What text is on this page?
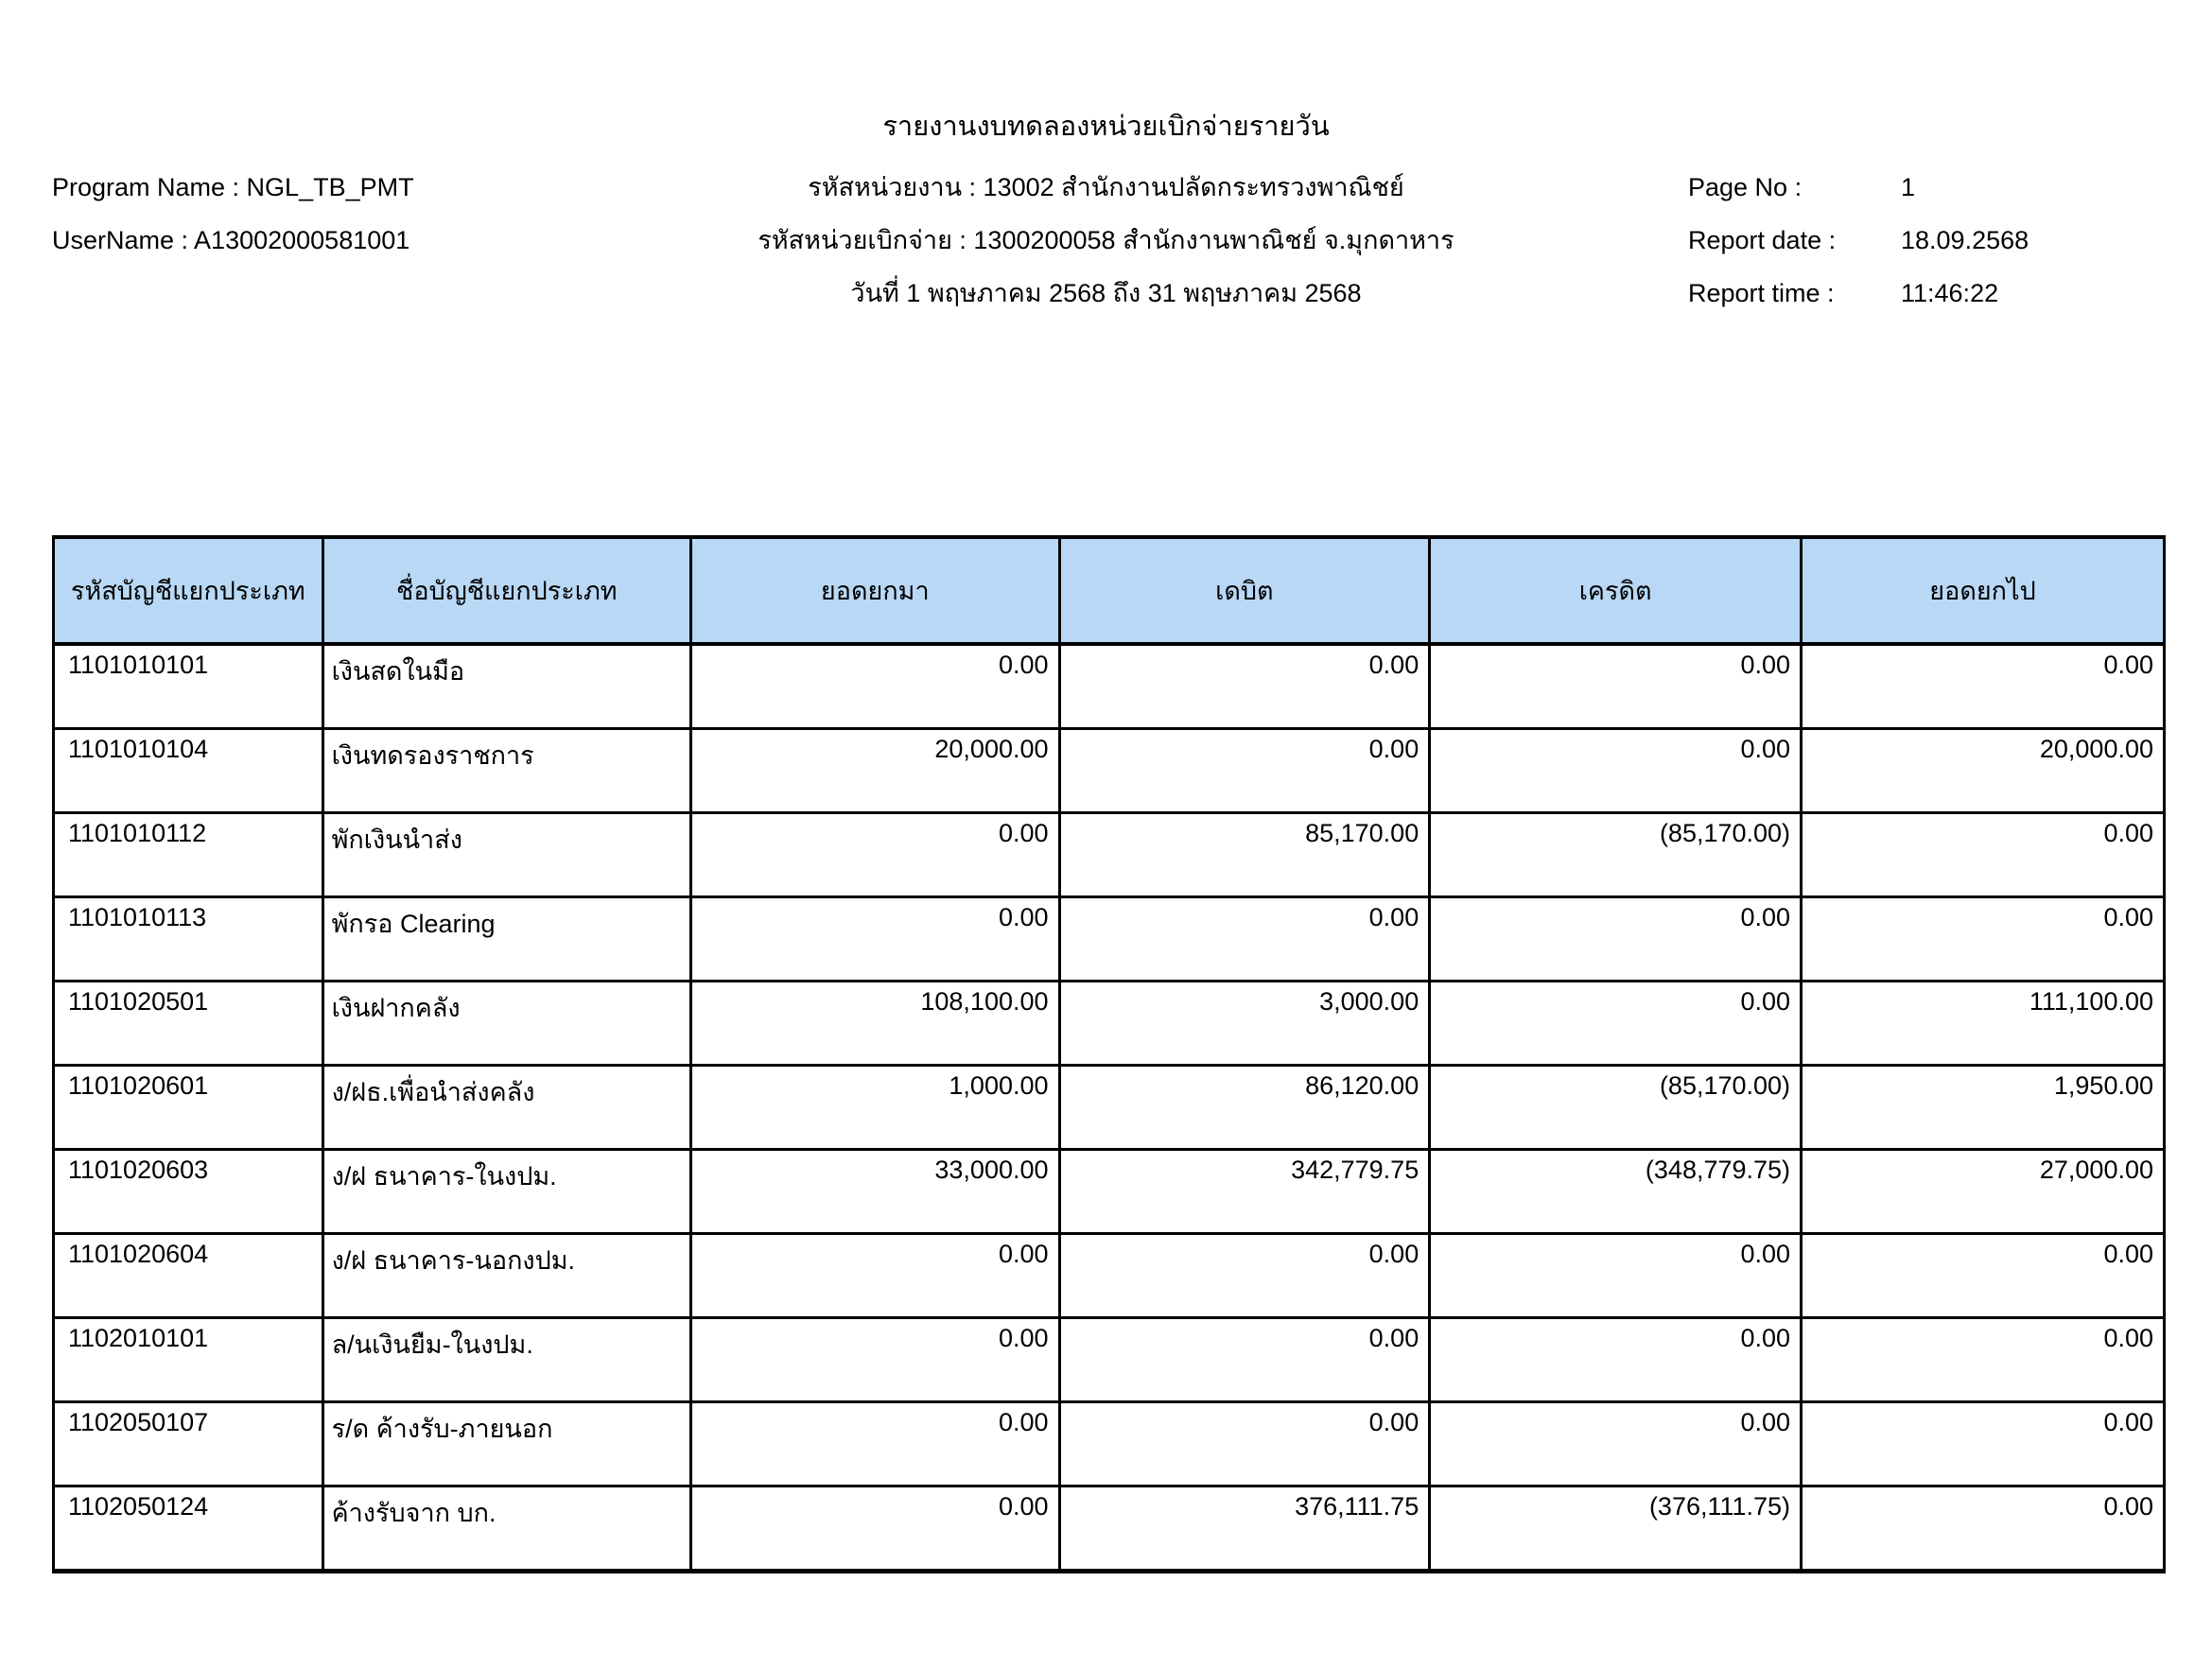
รายงานงบทดลองหน่วยเบิกจ่ายรายวัน
รหัสหน่วยงาน : 13002 สำนักงานปลัดกระทรวงพาณิชย์
Program Name : NGL_TB_PMT	Page No :	1
รหัสหน่วยเบิกจ่าย : 1300200058 สำนักงานพาณิชย์ จ.มุกดาหาร
UserName : A13002000581001	Report date :	18.09.2568
วันที่ 1 พฤษภาคม 2568 ถึง 31 พฤษภาคม 2568	Report time :	11:46:22
รหัสบัญชีแยกประเภท	ชื่อบัญชีแยกประเภท	ยอดยกมา	เดบิต	เครดิต	ยอดยกไป
1101010101	เงินสดในมือ	0.00	0.00	0.00	0.00
1101010104	เงินทดรองราชการ	20,000.00	0.00	0.00	20,000.00
1101010112	พักเงินนำส่ง	0.00	85,170.00	(85,170.00)	0.00
1101010113	พักรอ Clearing	0.00	0.00	0.00	0.00
1101020501	เงินฝากคลัง	108,100.00	3,000.00	0.00	111,100.00
1101020601	ง/ฝธ.เพื่อนำส่งคลัง	1,000.00	86,120.00	(85,170.00)	1,950.00
1101020603	ง/ฝ ธนาคาร-ในงปม.	33,000.00	342,779.75	(348,779.75)	27,000.00
1101020604	ง/ฝ ธนาคาร-นอกงปม.	0.00	0.00	0.00	0.00
1102010101	ล/นเงินยืม-ในงปม.	0.00	0.00	0.00	0.00
1102050107	ร/ด ค้างรับ-ภายนอก	0.00	0.00	0.00	0.00
1102050124	ค้างรับจาก บก.	0.00	376,111.75	(376,111.75)	0.00
